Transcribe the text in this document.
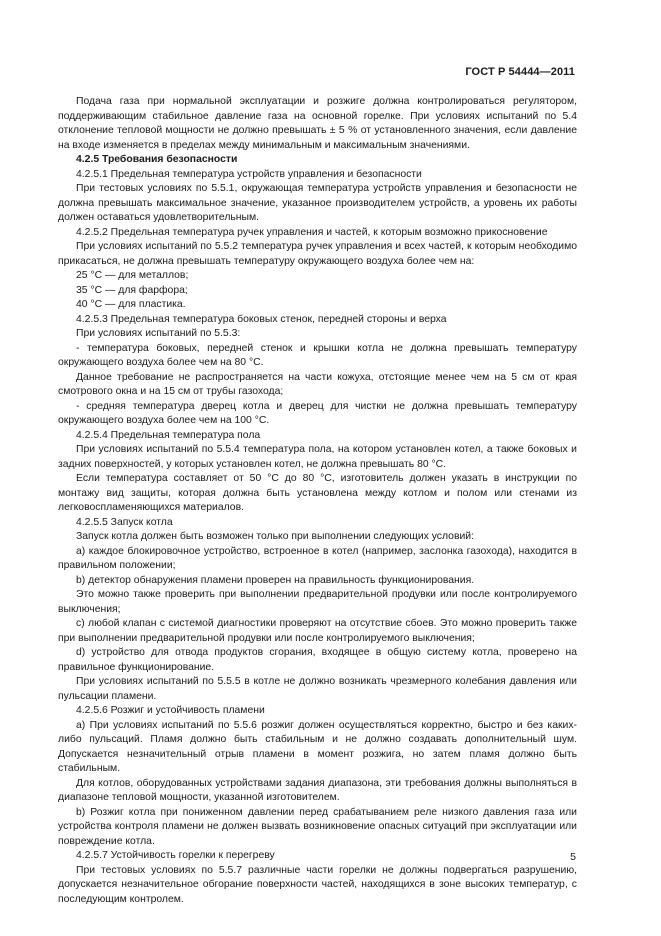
ГОСТ Р 54444—2011

Подача газа при нормальной эксплуатации и розжиге должна контролироваться регулятором, поддерживающим стабильное давление газа на основной горелке. При условиях испытаний по 5.4 отклонение тепловой мощности не должно превышать ± 5 % от установленного значения, если давление на входе изменяется в пределах между минимальным и максимальным значениями.

4.2.5 Требования безопасности

4.2.5.1 Предельная температура устройств управления и безопасности

При тестовых условиях по 5.5.1, окружающая температура устройств управления и безопасности не должна превышать максимальное значение, указанное производителем устройств, а уровень их работы должен оставаться удовлетворительным.

4.2.5.2 Предельная температура ручек управления и частей, к которым возможно прикосновение

При условиях испытаний по 5.5.2 температура ручек управления и всех частей, к которым необходимо прикасаться, не должна превышать температуру окружающего воздуха более чем на:

25 °С — для металлов;

35 °С — для фарфора;

40 °С — для пластика.

4.2.5.3 Предельная температура боковых стенок, передней стороны и верха

При условиях испытаний по 5.5.3:

- температура боковых, передней стенок и крышки котла не должна превышать температуру окружающего воздуха более чем на 80 °С.

Данное требование не распространяется на части кожуха, отстоящие менее чем на 5 см от края смотрового окна и на 15 см от трубы газохода;

- средняя температура дверец котла и дверец для чистки не должна превышать температуру окружающего воздуха более чем на 100 °С.

4.2.5.4 Предельная температура пола

При условиях испытаний по 5.5.4 температура пола, на котором установлен котел, а также боковых и задних поверхностей, у которых установлен котел, не должна превышать 80 °С.

Если температура составляет от 50 °С до 80 °С, изготовитель должен указать в инструкции по монтажу вид защиты, которая должна быть установлена между котлом и полом или стенами из легковоспламеняющихся материалов.

4.2.5.5 Запуск котла

Запуск котла должен быть возможен только при выполнении следующих условий:

a) каждое блокировочное устройство, встроенное в котел (например, заслонка газохода), находится в правильном положении;

b) детектор обнаружения пламени проверен на правильность функционирования.

Это можно также проверить при выполнении предварительной продувки или после контролируемого выключения;

c) любой клапан с системой диагностики проверяют на отсутствие сбоев. Это можно проверить также при выполнении предварительной продувки или после контролируемого выключения;

d) устройство для отвода продуктов сгорания, входящее в общую систему котла, проверено на правильное функционирование.

При условиях испытаний по 5.5.5 в котле не должно возникать чрезмерного колебания давления или пульсации пламени.

4.2.5.6 Розжиг и устойчивость пламени

a) При условиях испытаний по 5.5.6 розжиг должен осуществляться корректно, быстро и без каких-либо пульсаций. Пламя должно быть стабильным и не должно создавать дополнительный шум. Допускается незначительный отрыв пламени в момент розжига, но затем пламя должно быть стабильным.

Для котлов, оборудованных устройствами задания диапазона, эти требования должны выполняться в диапазоне тепловой мощности, указанной изготовителем.

b) Розжиг котла при пониженном давлении перед срабатыванием реле низкого давления газа или устройства контроля пламени не должен вызвать возникновение опасных ситуаций при эксплуатации или повреждение котла.

4.2.5.7 Устойчивость горелки к перегреву

При тестовых условиях по 5.5.7 различные части горелки не должны подвергаться разрушению, допускается незначительное обгорание поверхности частей, находящихся в зоне высоких температур, с последующим контролем.

5
